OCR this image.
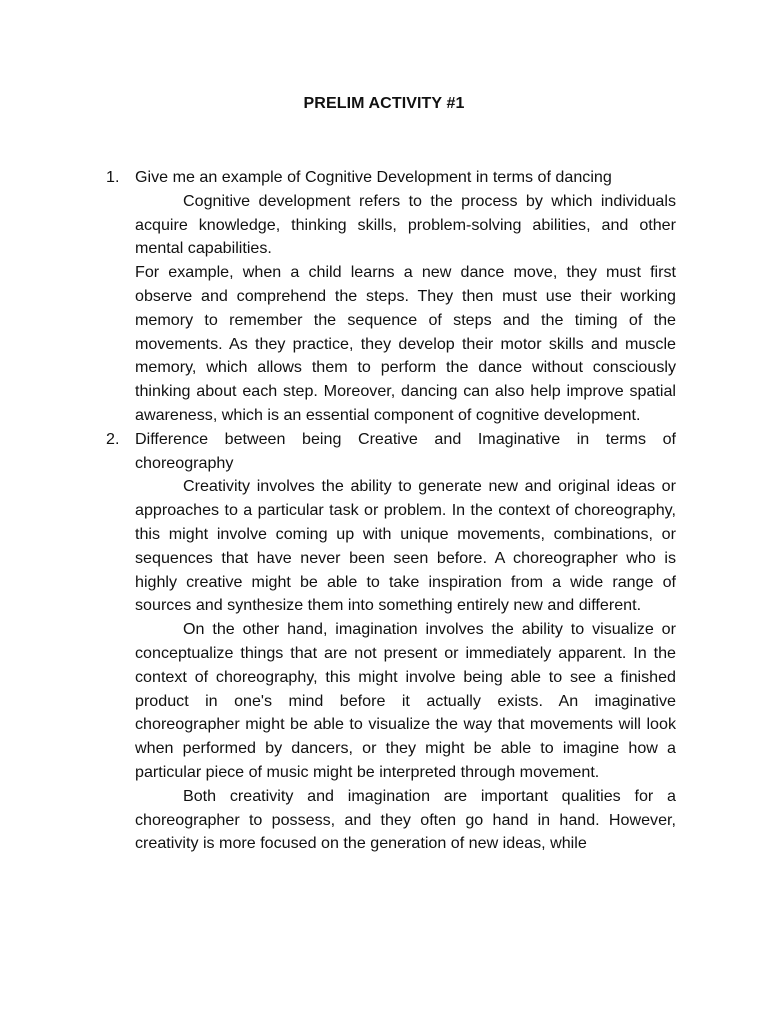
PRELIM ACTIVITY #1
1. Give me an example of Cognitive Development in terms of dancing

Cognitive development refers to the process by which individuals acquire knowledge, thinking skills, problem-solving abilities, and other mental capabilities.

For example, when a child learns a new dance move, they must first observe and comprehend the steps. They then must use their working memory to remember the sequence of steps and the timing of the movements. As they practice, they develop their motor skills and muscle memory, which allows them to perform the dance without consciously thinking about each step. Moreover, dancing can also help improve spatial awareness, which is an essential component of cognitive development.

2. Difference between being Creative and Imaginative in terms of choreography

Creativity involves the ability to generate new and original ideas or approaches to a particular task or problem. In the context of choreography, this might involve coming up with unique movements, combinations, or sequences that have never been seen before. A choreographer who is highly creative might be able to take inspiration from a wide range of sources and synthesize them into something entirely new and different.

On the other hand, imagination involves the ability to visualize or conceptualize things that are not present or immediately apparent. In the context of choreography, this might involve being able to see a finished product in one's mind before it actually exists. An imaginative choreographer might be able to visualize the way that movements will look when performed by dancers, or they might be able to imagine how a particular piece of music might be interpreted through movement.

Both creativity and imagination are important qualities for a choreographer to possess, and they often go hand in hand. However, creativity is more focused on the generation of new ideas, while
